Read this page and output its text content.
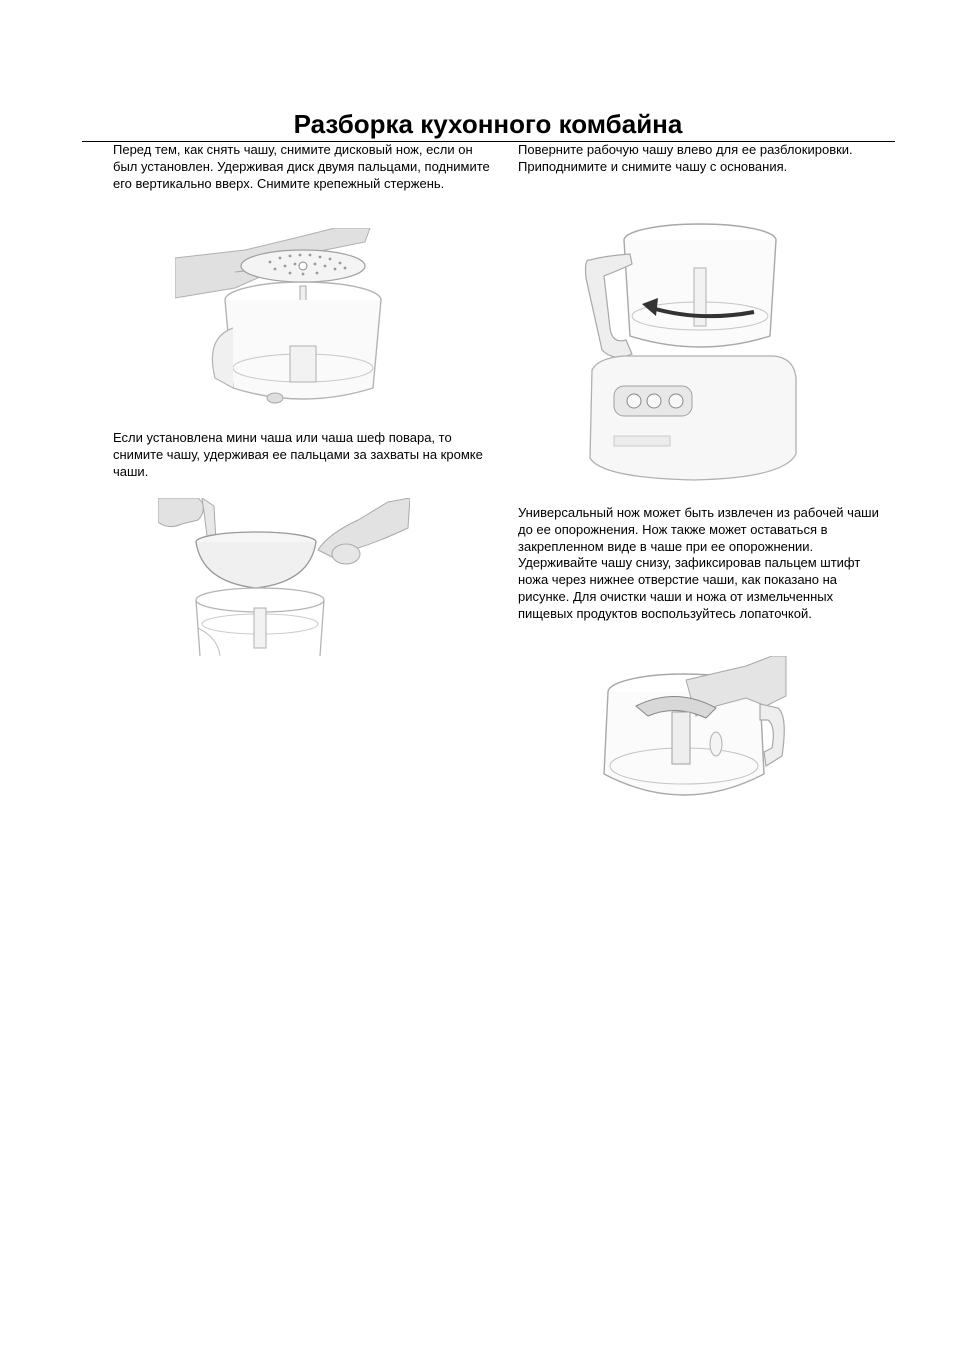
Разборка кухонного комбайна

Перед тем, как снять чашу, снимите дисковый нож, если он был установлен. Удерживая диск двумя пальцами, поднимите его вертикально вверх. Снимите крепежный стержень.

Поверните рабочую чашу влево для ее разблокировки. Приподнимите и снимите чашу с основания.

Если установлена мини чаша или чаша шеф повара, то снимите чашу, удерживая ее пальцами за захваты на кромке чаши.

Универсальный нож может быть извлечен из рабочей чаши до ее опорожнения. Нож также может оставаться в закрепленном виде в чаше при ее опорожнении. Удерживайте чашу снизу, зафиксировав пальцем штифт ножа через нижнее отверстие чаши, как показано на рисунке. Для очистки чаши и ножа от измельченных пищевых продуктов воспользуйтесь лопаточкой.
